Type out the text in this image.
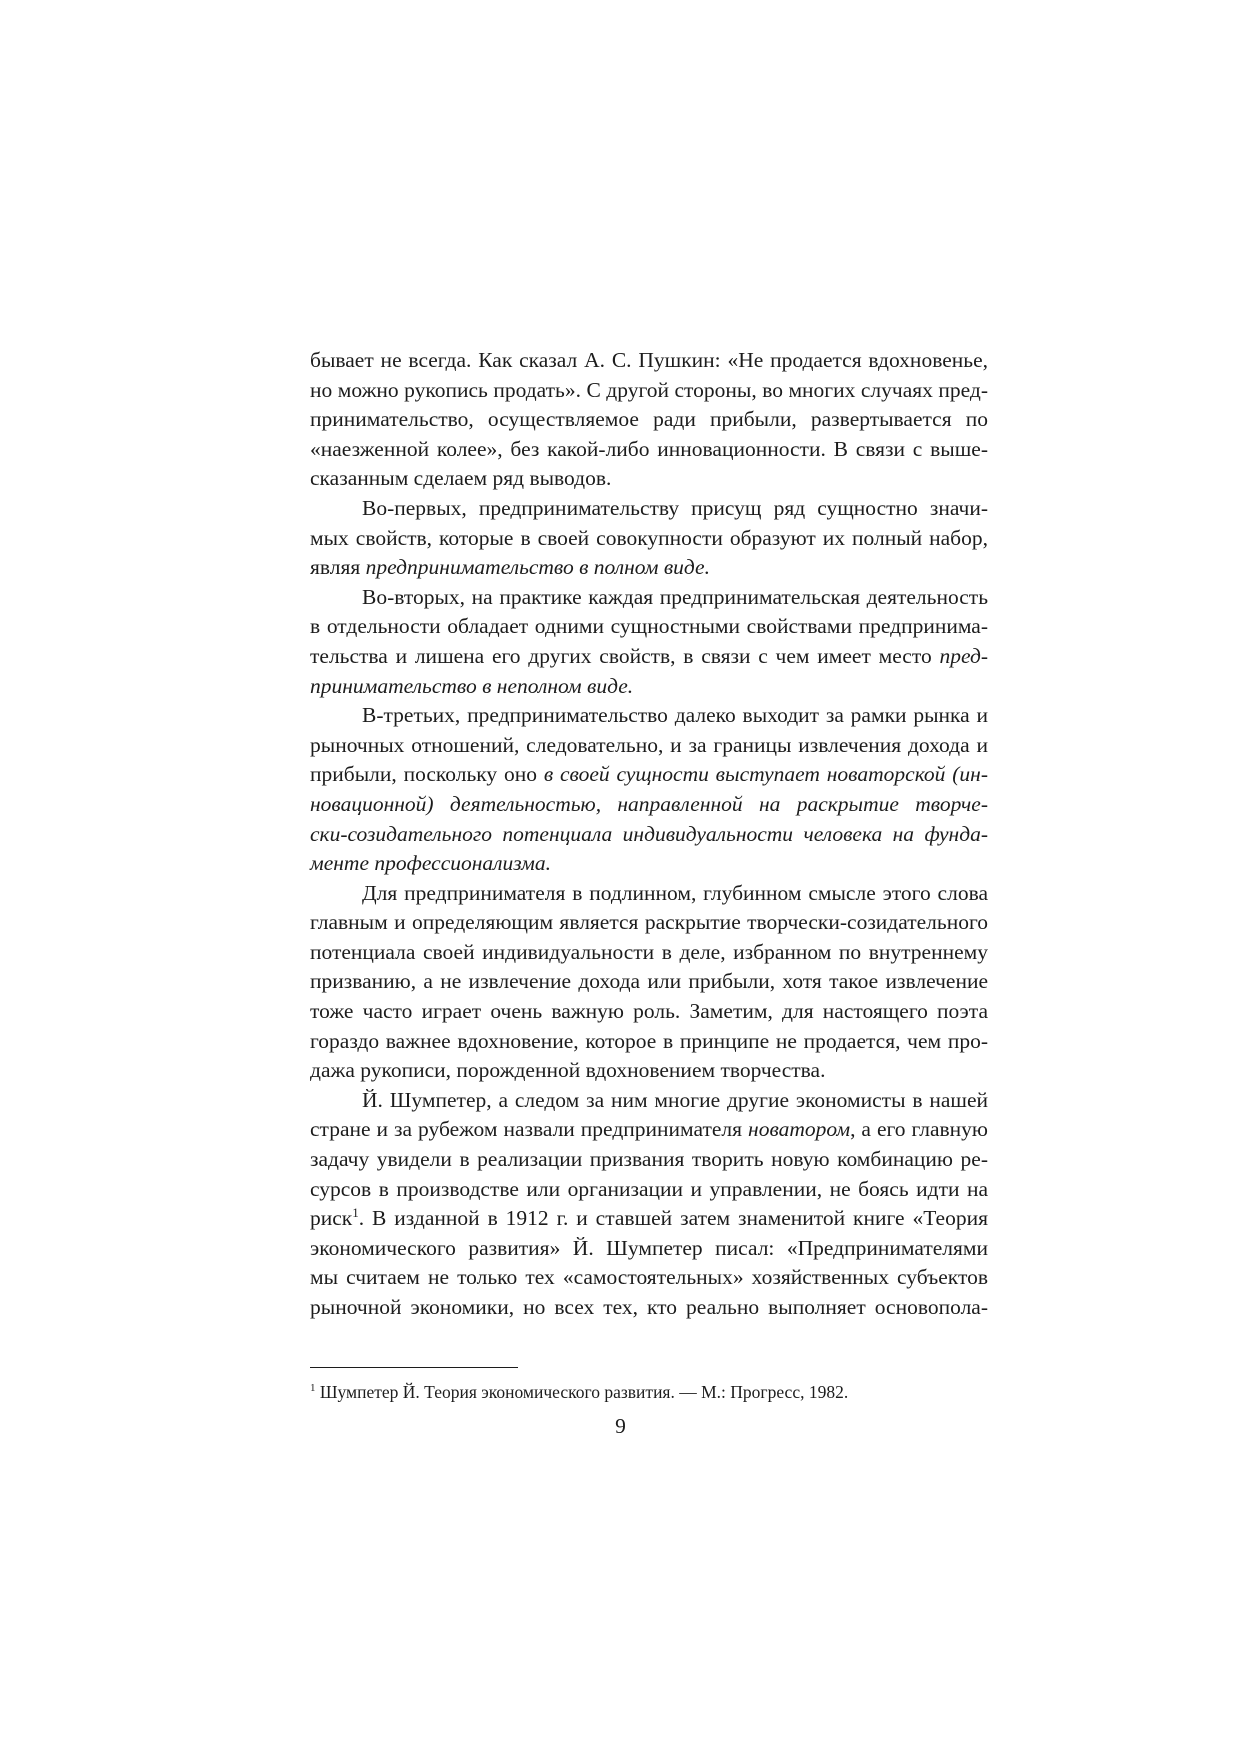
бывает не всегда. Как сказал А. С. Пушкин: «Не продается вдохновенье,
но можно рукопись продать». С другой стороны, во многих случаях пред-
принимательство, осуществляемое ради прибыли, развертывается по
«наезженной колее», без какой-либо инновационности. В связи с выше-
сказанным сделаем ряд выводов.

Во-первых, предпринимательству присущ ряд сущностно значи-
мых свойств, которые в своей совокупности образуют их полный набор,
являя предпринимательство в полном виде.

Во-вторых, на практике каждая предпринимательская деятельность
в отдельности обладает одними сущностными свойствами предпринима-
тельства и лишена его других свойств, в связи с чем имеет место пред-
принимательство в неполном виде.

В-третьих, предпринимательство далеко выходит за рамки рынка и
рыночных отношений, следовательно, и за границы извлечения дохода и
прибыли, поскольку оно в своей сущности выступает новаторской (ин-
новационной) деятельностью, направленной на раскрытие творче-
ски-созидательного потенциала индивидуальности человека на фунда-
менте профессионализма.

Для предпринимателя в подлинном, глубинном смысле этого слова
главным и определяющим является раскрытие творчески-созидательного
потенциала своей индивидуальности в деле, избранном по внутреннему
призванию, а не извлечение дохода или прибыли, хотя такое извлечение
тоже часто играет очень важную роль. Заметим, для настоящего поэта
гораздо важнее вдохновение, которое в принципе не продается, чем про-
дажа рукописи, порожденной вдохновением творчества.

Й. Шумпетер, а следом за ним многие другие экономисты в нашей
стране и за рубежом назвали предпринимателя новатором, а его главную
задачу увидели в реализации призвания творить новую комбинацию ре-
сурсов в производстве или организации и управлении, не боясь идти на
риск$^1$. В изданной в 1912 г. и ставшей затем знаменитой книге «Теория
экономического развития» Й. Шумпетер писал: «Предпринимателями
мы считаем не только тех «самостоятельных» хозяйственных субъектов
рыночной экономики, но всех тех, кто реально выполняет основопола-

$^1$ Шумпетер Й. Теория экономического развития. — М.: Прогресс, 1982.
9
